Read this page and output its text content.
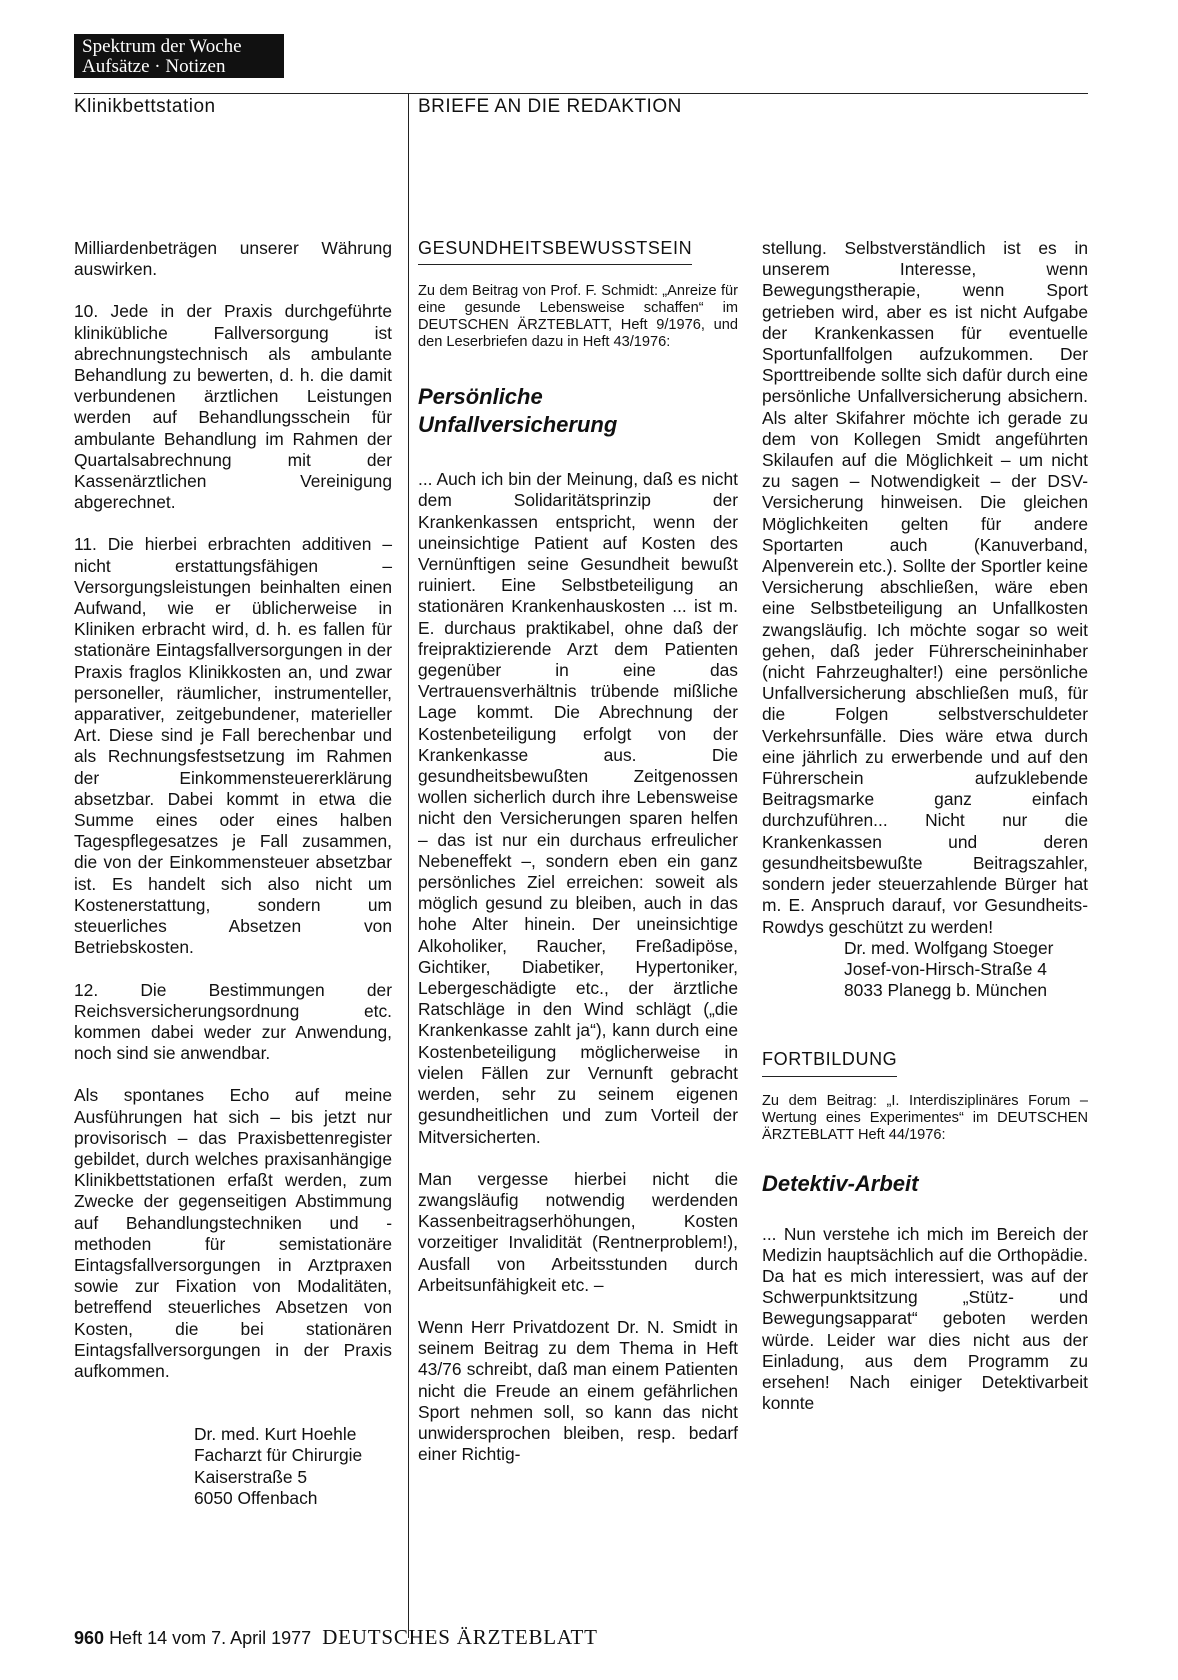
Spektrum der Woche
Aufsätze · Notizen
Klinikbettstation	BRIEFE AN DIE REDAKTION

Milliardenbeträgen unserer Währung auswirken.

10. Jede in der Praxis durchgeführte klinikübliche Fallversorgung ist abrechnungstechnisch als ambulante Behandlung zu bewerten, d. h. die damit verbundenen ärztlichen Leistungen werden auf Behandlungsschein für ambulante Behandlung im Rahmen der Quartalsabrechnung mit der Kassenärztlichen Vereinigung abgerechnet.

11. Die hierbei erbrachten additiven – nicht erstattungsfähigen – Versorgungsleistungen beinhalten einen Aufwand, wie er üblicherweise in Kliniken erbracht wird, d. h. es fallen für stationäre Eintagsfallversorgungen in der Praxis fraglos Klinikkosten an, und zwar personeller, räumlicher, instrumenteller, apparativer, zeitgebundener, materieller Art. Diese sind je Fall berechenbar und als Rechnungsfestsetzung im Rahmen der Einkommensteuererklärung absetzbar. Dabei kommt in etwa die Summe eines oder eines halben Tagespflegesatzes je Fall zusammen, die von der Einkommensteuer absetzbar ist. Es handelt sich also nicht um Kostenerstattung, sondern um steuerliches Absetzen von Betriebskosten.

12. Die Bestimmungen der Reichsversicherungsordnung etc. kommen dabei weder zur Anwendung, noch sind sie anwendbar.

Als spontanes Echo auf meine Ausführungen hat sich – bis jetzt nur provisorisch – das Praxisbettenregister gebildet, durch welches praxisanhängige Klinikbettstationen erfaßt werden, zum Zwecke der gegenseitigen Abstimmung auf Behandlungstechniken und -methoden für semistationäre Eintagsfallversorgungen in Arztpraxen sowie zur Fixation von Modalitäten, betreffend steuerliches Absetzen von Kosten, die bei stationären Eintagsfallversorgungen in der Praxis aufkommen.

Dr. med. Kurt Hoehle

Facharzt für Chirurgie

Kaiserstraße 5

6050 Offenbach

GESUNDHEITSBEWUSSTSEIN
Zu dem Beitrag von Prof. F. Schmidt: „Anreize für eine gesunde Lebensweise schaffen“ im DEUTSCHEN ÄRZTEBLATT, Heft 9/1976, und den Leserbriefen dazu in Heft 43/1976:
Persönliche
Unfallversicherung

... Auch ich bin der Meinung, daß es nicht dem Solidaritätsprinzip der Krankenkassen entspricht, wenn der uneinsichtige Patient auf Kosten des Vernünftigen seine Gesundheit bewußt ruiniert. Eine Selbstbeteiligung an stationären Krankenhauskosten ... ist m. E. durchaus praktikabel, ohne daß der freipraktizierende Arzt dem Patienten gegenüber in eine das Vertrauensverhältnis trübende mißliche Lage kommt. Die Abrechnung der Kostenbeteiligung erfolgt von der Krankenkasse aus. Die gesundheitsbewußten Zeitgenossen wollen sicherlich durch ihre Lebensweise nicht den Versicherungen sparen helfen – das ist nur ein durchaus erfreulicher Nebeneffekt –, sondern eben ein ganz persönliches Ziel erreichen: soweit als möglich gesund zu bleiben, auch in das hohe Alter hinein. Der uneinsichtige Alkoholiker, Raucher, Freßadipöse, Gichtiker, Diabetiker, Hypertoniker, Lebergeschädigte etc., der ärztliche Ratschläge in den Wind schlägt („die Krankenkasse zahlt ja“), kann durch eine Kostenbeteiligung möglicherweise in vielen Fällen zur Vernunft gebracht werden, sehr zu seinem eigenen gesundheitlichen und zum Vorteil der Mitversicherten.

Man vergesse hierbei nicht die zwangsläufig notwendig werdenden Kassenbeitragserhöhungen, Kosten vorzeitiger Invalidität (Rentnerproblem!), Ausfall von Arbeitsstunden durch Arbeitsunfähigkeit etc. –

Wenn Herr Privatdozent Dr. N. Smidt in seinem Beitrag zu dem Thema in Heft 43/76 schreibt, daß man einem Patienten nicht die Freude an einem gefährlichen Sport nehmen soll, so kann das nicht unwidersprochen bleiben, resp. bedarf einer Richtig-

stellung. Selbstverständlich ist es in unserem Interesse, wenn Bewegungstherapie, wenn Sport getrieben wird, aber es ist nicht Aufgabe der Krankenkassen für eventuelle Sportunfallfolgen aufzukommen. Der Sporttreibende sollte sich dafür durch eine persönliche Unfallversicherung absichern. Als alter Skifahrer möchte ich gerade zu dem von Kollegen Smidt angeführten Skilaufen auf die Möglichkeit – um nicht zu sagen – Notwendigkeit – der DSV-Versicherung hinweisen. Die gleichen Möglichkeiten gelten für andere Sportarten auch (Kanuverband, Alpenverein etc.). Sollte der Sportler keine Versicherung abschließen, wäre eben eine Selbstbeteiligung an Unfallkosten zwangsläufig. Ich möchte sogar so weit gehen, daß jeder Führerscheininhaber (nicht Fahrzeughalter!) eine persönliche Unfallversicherung abschließen muß, für die Folgen selbstverschuldeter Verkehrsunfälle. Dies wäre etwa durch eine jährlich zu erwerbende und auf den Führerschein aufzuklebende Beitragsmarke ganz einfach durchzuführen... Nicht nur die Krankenkassen und deren gesundheitsbewußte Beitragszahler, sondern jeder steuerzahlende Bürger hat m. E. Anspruch darauf, vor Gesundheits-Rowdys geschützt zu werden!

Dr. med. Wolfgang Stoeger

Josef-von-Hirsch-Straße 4

8033 Planegg b. München

FORTBILDUNG
Zu dem Beitrag: „I. Interdisziplinäres Forum – Wertung eines Experimentes“ im DEUTSCHEN ÄRZTEBLATT Heft 44/1976:
Detektiv-Arbeit

... Nun verstehe ich mich im Bereich der Medizin hauptsächlich auf die Orthopädie. Da hat es mich interessiert, was auf der Schwerpunktsitzung „Stütz- und Bewegungsapparat“ geboten werden würde. Leider war dies nicht aus der Einladung, aus dem Programm zu ersehen! Nach einiger Detektivarbeit konnte

960 Heft 14 vom 7. April 1977 DEUTSCHES ÄRZTEBLATT
